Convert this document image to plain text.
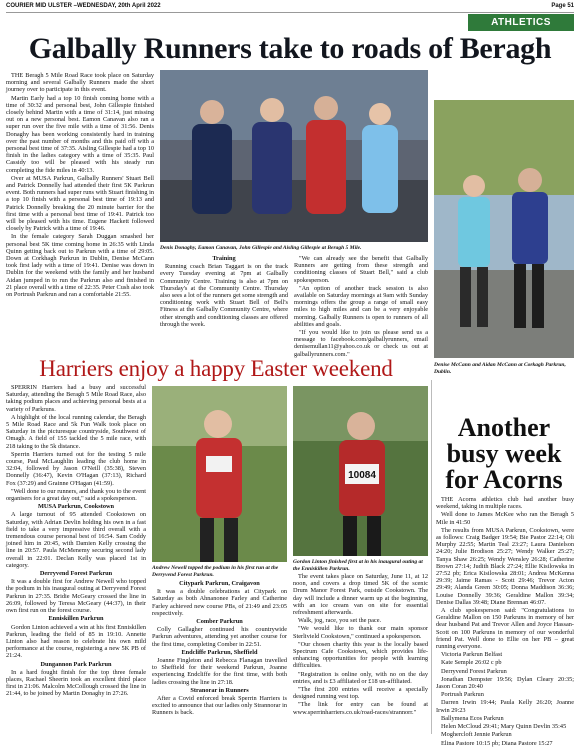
COURIER MID ULSTER –WEDNESDAY, 20th April 2022	Page 51
ATHLETICS
Galbally Runners take to roads of Beragh

THE Beragh 5 Mile Road Race took place on Saturday morning and several Galbally Runners made the short journey over to participate in this event.

Martin Early had a top 10 finish coming home with a time of 30:32 and personal best, John Gillespie finished closely behind Martin with a time of 31:14, just missing out on a new personal best. Eamon Canavan also ran a super run over the five mile with a time of 31:56. Denis Donaghy has been working consistently hard in training over the past number of months and this paid off with a personal best time of 37:35. Aisling Gillespie had a top 10 finish in the ladies category with a time of 35:35. Paul Cassidy too will be pleased with his steady run completing the fide miles in 40:13.

Over at MUSA Parkrun, Galbally Runners' Stuart Bell and Patrick Donnelly had attended their first 5K Parkrun event. Both runners had super runs with Stuart finishing in a top 10 finish with a personal best time of 19:13 and Patrick Donnelly breaking the 20 minute barrier for the first time with a personal best time of 19:41. Patrick too will be pleased with his time. Eugene Hackett followed closely by Patrick with a time of 19:46.

In the female category Sarah Duggan smashed her personal best 5K time coming home in 26:35 with Linda Quinn getting back out to Parkrun with a time of 29:05. Down at Corkhagh Parkrun in Dublin, Denise McCann took first lady with a time of 19:41. Denise was down in Dublin for the weekend with the family and her husband Aidan jumped in to run the Parkrun also and finished in 21 place overall with a time of 22:35. Peter Cush also took on Portrush Parkrun and ran a comfortable 21:55.

Denis Donaghy, Eamon Canavan, John Gillespie and Aisling Gillespie at Beragh 5 Mile.

Training

Running coach Brian Taggart is on the track every Tuesday evening at 7pm at Galbally Community Centre. Training is also at 7pm on Thursday's at the Community Centre. Thursday also sees a lot of the runners get some strength and conditioning work with Stuart Bell of Bell's Fitness at the Galbally Community Centre, where other strength and conditioning classes are offered through the week.

"We can already see the benefit that Galbally Runners are getting from these strength and conditioning classes of Stuart Bell," said a club spokesperson.

"An option of another track session is also available on Saturday mornings at 9am with Sunday mornings offers the group a range of small easy miles to high miles and can be a very enjoyable morning. Galbally Runners is open to runners of all abilities and goals.

"If you would like to join us please send us a message to facebook.com/galballyrunners, email denisemullan11@yahoo.co.uk or check us out at galballyrunners.com."

Denise McCann and Aidan McCann at Corkagh Parkrun, Dublin.
Harriers enjoy a happy Easter weekend

SPERRIN Harriers had a busy and successful Saturday, attending the Beragh 5 Mile Road Race, also taking podium places and achieving personal bests at a variety of Parkruns.

A highlight of the local running calendar, the Beragh 5 Mile Road Race and 5k Fun Walk took place on Saturday in the picturesque countryside, Southwest of Omagh. A field of 155 tackled the 5 mile race, with 218 taking to the 5k distance.

Sperrin Harriers turned out for the testing 5 mile course, Paul McLaughlin leading the club home in 32:04, followed by Jason O'Neill (35:38), Steven Donnelly (36:47), Kevin O'Hagan (37:13), Richard Fox (37:29) and Grainne O'Hagan (41:59).

"Well done to our runners, and thank you to the event organisers for a great day out," said a spokesperson.

MUSA Parkrun, Cookstown

A large turnout of 95 attended Cookstown on Saturday, with Adrian Devlin holding his own in a fast field to take a very impressive third overall with a tremendous course personal best of 16:54. Sam Coddy joined him in 20:45, with Damien Kelly crossing the line in 20:57. Paula McMenemy securing second lady overall in 22:01. Declan Kelly was placed 1st in category.

Derryvend Forest Parkrun

It was a double first for Andrew Newell who topped the podium in his inaugural outing at Derryvend Forest Parkrun in 27:35. Bridie McGeary crossed the line in 26:09, followed by Teresa McGeary (44:37), in their own first run on the forest course.

Enniskillen Parkrun

Gordon Linton achieved a win at his first Enniskillen Parkrun, leading the field of 85 in 19:10. Annette Linton also had reason to celebrate his own mild performance at the course, registering a new 5K PB of 21:24.

Dungannon Park Parkrun

In a hard fought finish for the top three female places, Rachael Sheerin took an excellent third place first in 21:06. Malcolm McCollough crossed the line in 21:44, to be joined by Martin Donaghy in 27:26.

Andrew Newell topped the podium in his first run at the Derryvend Forest Parkrun.
10084
Gordon Linton finished first at in his inaugural outing at the Enniskillen Parkrun.

Citypark Parkrun, Craigavon

It was a double celebrations at Citypark on Saturday as both Ahnanonee Farley and Catherine Farley achieved new course PBs, of 21:49 and 23:05 respectively.

Comber Parkrun

Colly Gallagher continued his countrywide Parkrun adventures, attending yet another course for the first time, completing Comber in 22:51.

Endcliffe Parkrun, Sheffield

Joanne Fingleton and Rebecca Flanagan travelled to Sheffield for their weekend Parkrun, Joanne experiencing Endcliffe for the first time, with both ladies crossing the line in 27:18.

Stranorar in Runners

After a Covid enforced break Sperrin Harriers is excited to announce that our ladies only Strannorar in Runners is back.

The event takes place on Saturday, June 11, at 12 noon, and covers a drop timed 5K of the scenic Drum Manor Forest Park, outside Cookstown. The day will include a dinner warm up at the beginning, with an ice cream van on site for essential refreshment afterwards.

Walk, jog, race, you set the pace.

"We would like to thank our main sponsor Sterlivield Cookstown," continued a spokesperson.

"Our chosen charity this year is the locally based Spectrum Cafe Cookstown, which provides life-enhancing opportunities for people with learning difficulties.

"Registration is online only, with no on the day entries, and is £3 affiliated or £18 un-affiliated.

"The first 200 entries will receive a specially designed running vest top.

"The link for entry can be found at www.sperrinharriers.co.uk/road-races/strannorr."

Another busy week for Acorns

THE Acorns athletics club had another busy weekend, taking in multiple races.

Well done to James McKee who ran the Beragh 5 Mile in 41:50

The results from MUSA Parkrun, Cookstown, were as follows: Craig Badger 19:54; Bie Pastor 22:14; Oli Murphy 22:55; Martin Teal 23:27; Laura Danielson 24:20; Julie Brodison 25:27; Wendy Walker 25:27; Tanya Shaw 26:25; Wendy Wensley 26:28; Catherine Brown 27:14; Judith Black 27:24; Ellie Kisilowska in 27:52 pb; Erica Kisilowska 28:01; Andrea McKenna 29:39; Jaime Ramas - Scott 29:46; Trevor Acton 29:49; Alanda Green 30:05; Donna Maddison 36:36; Louise Donnelly 39:36; Geraldine Mallon 39:34; Denise Dallas 39:48; Diane Brennan 46:07.

A club spokesperson said: "Congratulations to Geraldine Mallon on 150 Parkruns in memory of her dear husband Pat and Trevor Allen and Joyce Hassan-Scott on 100 Parkruns in memory of our wonderful friend Pat. Well done to Ellie on her PB – great running everyone.

Victoria Parkrun Belfast

Kate Semple 26:02 c pb

Derryvend Forest Parkrun

Jonathan Dempster 19:56; Dylan Cleary 20:35; Jason Coran 20:40

Portrush Parkrun

Darren Irwin 19:44; Paula Kelly 26:20; Joanne Irwin 29:23

Ballymena Ecos Parkrun

Helen McCloud 29:41; Mary Quinn Devlin 35:45

Moghercloft Jennie Parkrun

Elina Pastore 10:15 pb; Diana Pastore 15:27
